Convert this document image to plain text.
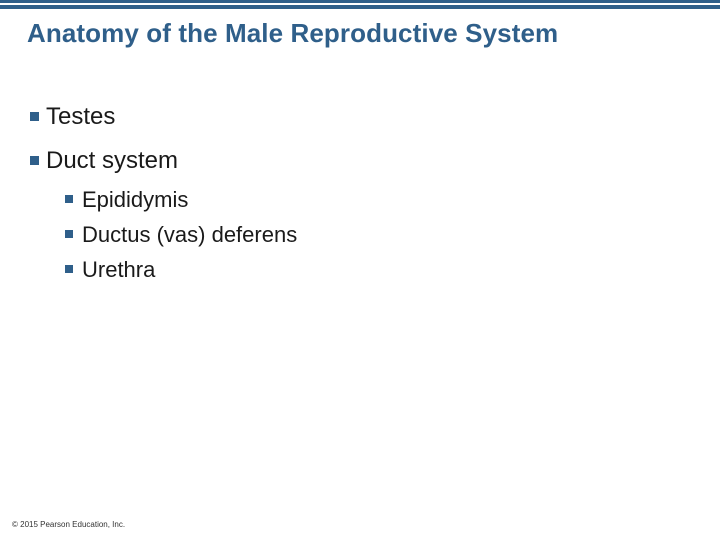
Anatomy of the Male Reproductive System
Testes
Duct system
Epididymis
Ductus (vas) deferens
Urethra
© 2015 Pearson Education, Inc.
